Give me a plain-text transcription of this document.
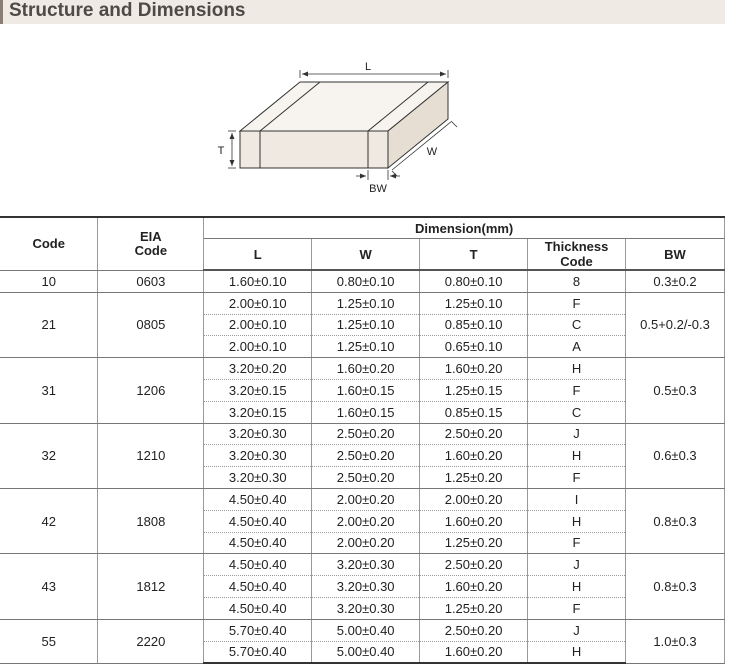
Structure and Dimensions
L
T	W
BW
Code	EIA
Code	Dimension(mm)				
		L	W	T	Thickness Code	BW
10	0603	1.60±0.10	0.80±0.10	0.80±0.10	8	0.3±0.2
21	0805	2.00±0.10	1.25±0.10	1.25±0.10	F	0.5+0.2/-0.3
		2.00±0.10	1.25±0.10	0.85±0.10	C	
		2.00±0.10	1.25±0.10	0.65±0.10	A	
31	1206	3.20±0.20	1.60±0.20	1.60±0.20	H	0.5±0.3
		3.20±0.15	1.60±0.15	1.25±0.15	F	
		3.20±0.15	1.60±0.15	0.85±0.15	C	
32	1210	3.20±0.30	2.50±0.20	2.50±0.20	J	0.6±0.3
		3.20±0.30	2.50±0.20	1.60±0.20	H	
		3.20±0.30	2.50±0.20	1.25±0.20	F	
42	1808	4.50±0.40	2.00±0.20	2.00±0.20	I	0.8±0.3
		4.50±0.40	2.00±0.20	1.60±0.20	H	
		4.50±0.40	2.00±0.20	1.25±0.20	F	
43	1812	4.50±0.40	3.20±0.30	2.50±0.20	J	0.8±0.3
		4.50±0.40	3.20±0.30	1.60±0.20	H	
		4.50±0.40	3.20±0.30	1.25±0.20	F	
55	2220	5.70±0.40	5.00±0.40	2.50±0.20	J	1.0±0.3
		5.70±0.40	5.00±0.40	1.60±0.20	H	
